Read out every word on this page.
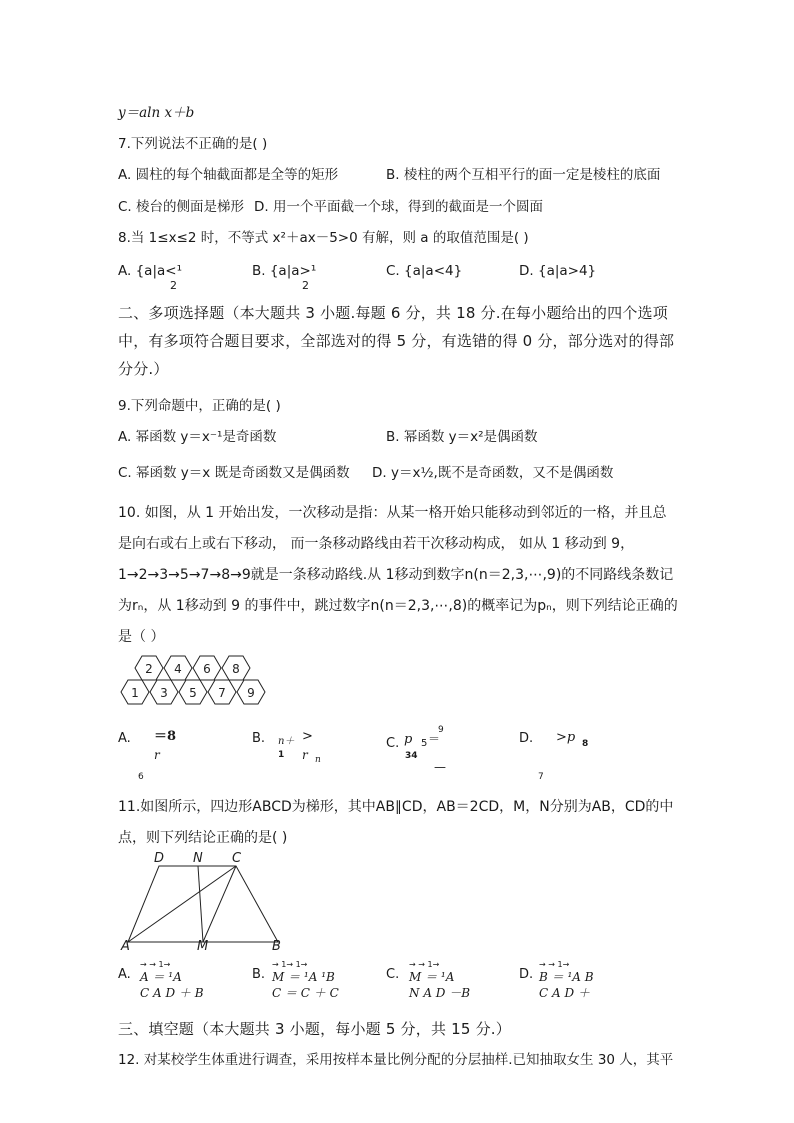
y＝aln x＋b
7.下列说法不正确的是( )
A. 圆柱的每个轴截面都是全等的矩形	B. 棱柱的两个互相平行的面一定是棱柱的底面
C. 棱台的侧面是梯形 D. 用一个平面截一个球，得到的截面是一个圆面
8.当 1≤x≤2 时，不等式 x²＋ax－5>0 有解，则 a 的取值范围是( )
A. {a|a<¹
2
B. {a|a>¹
2
C. {a|a<4}	D. {a|a>4}
二、多项选择题（本大题共 3 小题.每题 6 分，共 18 分.在每小题给出的四个选项中，有多项符合题目要求，全部选对的得 5 分，有选错的得 0 分，部分选对的得部分分.）
9.下列命题中，正确的是( )
A. 幂函数 y＝x⁻¹是奇函数	B. 幂函数 y＝x²是偶函数
C. 幂函数 y＝x 既是奇函数又是偶函数 D. y＝x½,既不是奇函数，又不是偶函数
10. 如图，从 1 开始出发，一次移动是指：从某一格开始只能移动到邻近的一格，并且总是向右或右上或右下移动， 而一条移动路线由若干次移动构成， 如从 1 移动到 9，1→2→3→5→7→8→9就是一条移动路线.从 1移动到数字n(n＝2,3,⋯,9)的不同路线条数记为rₙ，从 1移动到 9 的事件中，跳过数字n(n＝2,3,⋯,8)的概率记为pₙ，则下列结论正确的是（ ）
2 4 6 8
1 3 5 7 9
A. ＝8
r
6
B. n＋ >
1 r n
C. p 5 ＝
9
34
—
D. >p 8
7
11.如图所示，四边形ABCD为梯形，其中AB∥CD，AB＝2CD，M，N分别为AB，CD的中点，则下列结论正确的是( )
D N C
A	M	B
A.
→ → 1→
A ＝ ¹A
C A D ＋ B
B.
→ 1→ 1→
M ＝ ¹A ¹B
C ＝ C ＋ C
C.
→ → 1→
M ＝ ¹A
N A D －B
D.
→ → 1→
B ＝ ¹A B
C A D ＋
三、填空题（本大题共 3 小题，每小题 5 分，共 15 分.）
12. 对某校学生体重进行调查，采用按样本量比例分配的分层抽样.已知抽取女生 30 人，其平
